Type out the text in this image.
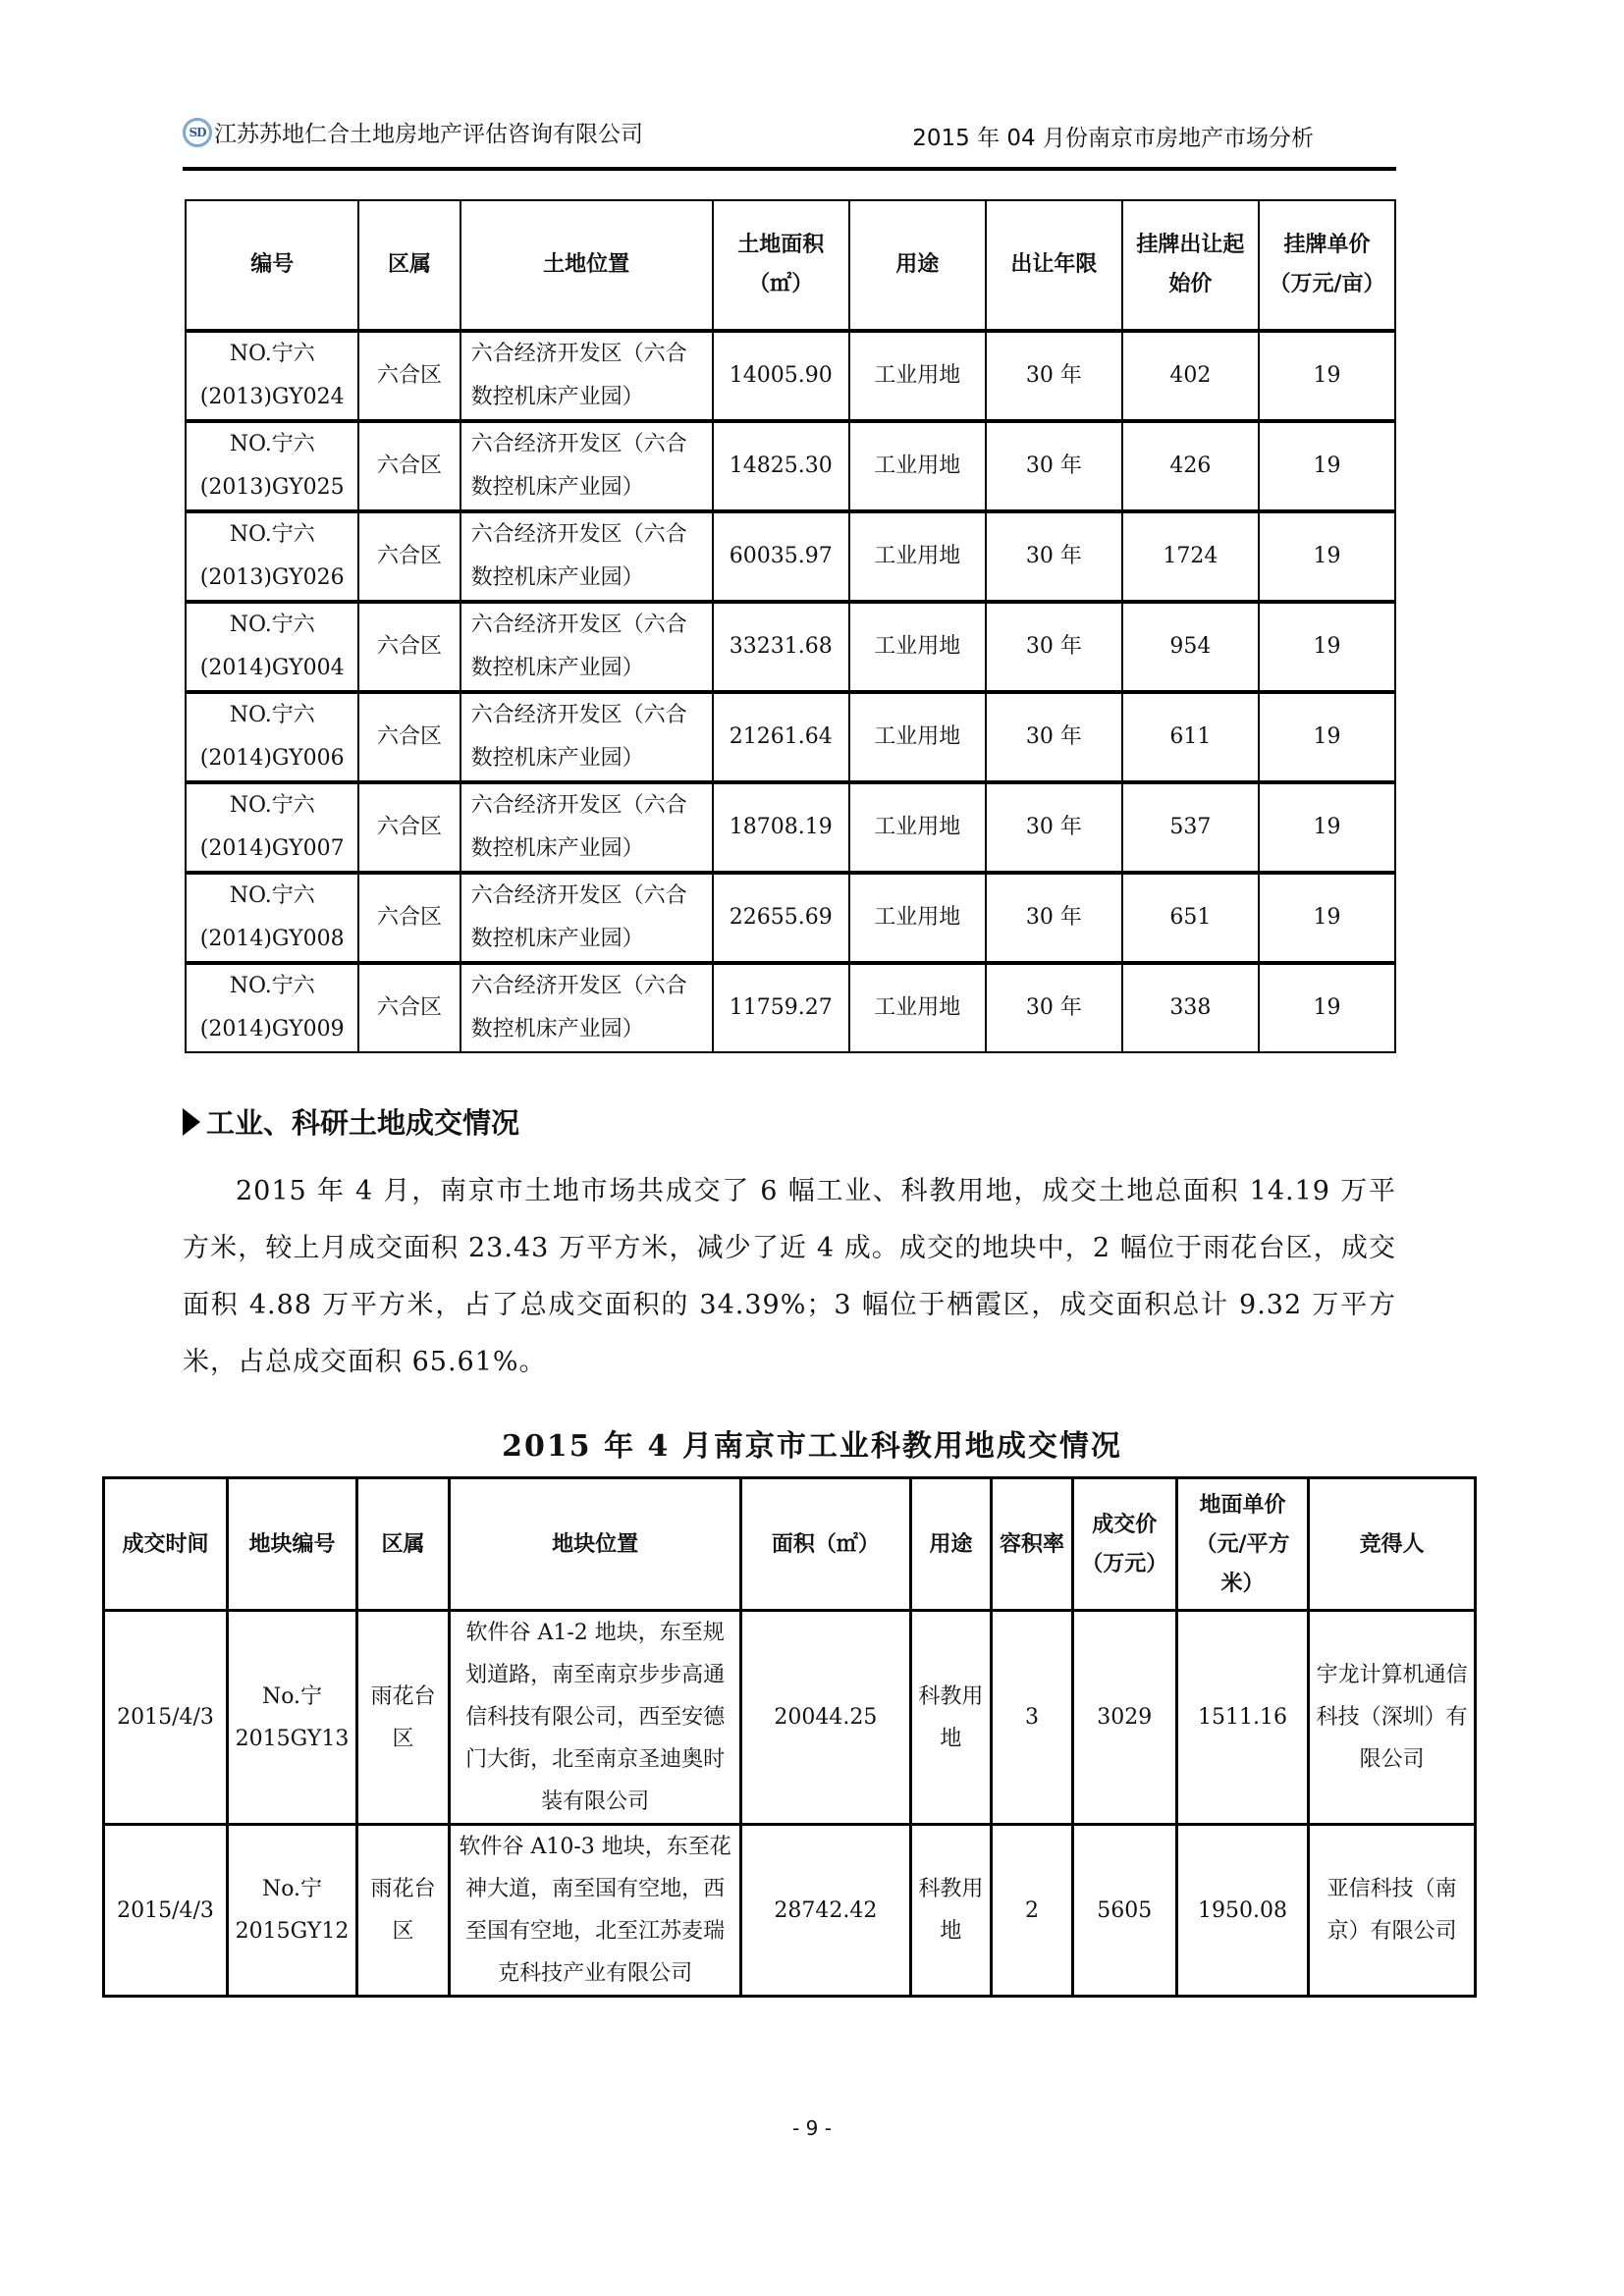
SD 江苏苏地仁合土地房地产评估咨询有限公司	2015 年 04 月份南京市房地产市场分析
编号	区属	土地位置	土地面积（㎡）	用途	出让年限	挂牌出让起始价	挂牌单价（万元/亩）

NO.宁六
(2013)GY024	六合区	六合经济开发区（六合数控机床产业园）	14005.90	工业用地	30 年	402	19

NO.宁六
(2013)GY025	六合区	六合经济开发区（六合数控机床产业园）	14825.30	工业用地	30 年	426	19

NO.宁六
(2013)GY026	六合区	六合经济开发区（六合数控机床产业园）	60035.97	工业用地	30 年	1724	19

NO.宁六
(2014)GY004	六合区	六合经济开发区（六合数控机床产业园）	33231.68	工业用地	30 年	954	19

NO.宁六
(2014)GY006	六合区	六合经济开发区（六合数控机床产业园）	21261.64	工业用地	30 年	611	19

NO.宁六
(2014)GY007	六合区	六合经济开发区（六合数控机床产业园）	18708.19	工业用地	30 年	537	19

NO.宁六
(2014)GY008	六合区	六合经济开发区（六合数控机床产业园）	22655.69	工业用地	30 年	651	19

NO.宁六
(2014)GY009	六合区	六合经济开发区（六合数控机床产业园）	11759.27	工业用地	30 年	338	19
工业、科研土地成交情况
2015 年 4 月，南京市土地市场共成交了 6 幅工业、科教用地，成交土地总面积 14.19 万平方米，较上月成交面积 23.43 万平方米，减少了近 4 成。成交的地块中，2 幅位于雨花台区，成交面积 4.88 万平方米，占了总成交面积的 34.39%；3 幅位于栖霞区，成交面积总计 9.32 万平方米，占总成交面积 65.61%。
2015 年 4 月南京市工业科教用地成交情况
成交时间	地块编号	区属	地块位置	面积（㎡）	用途	容积率	成交价（万元）	地面单价（元/平方米）	竞得人
2015/4/3	No.宁
2015GY13	雨花台区	软件谷 A1-2 地块，东至规划道路，南至南京步步高通信科技有限公司，西至安德门大街，北至南京圣迪奥时装有限公司	20044.25	科教用地	3	3029	1511.16	宇龙计算机通信科技（深圳）有限公司
2015/4/3	No.宁
2015GY12	雨花台区	软件谷 A10-3 地块，东至花神大道，南至国有空地，西至国有空地，北至江苏麦瑞克科技产业有限公司	28742.42	科教用地	2	5605	1950.08	亚信科技（南京）有限公司
- 9 -
